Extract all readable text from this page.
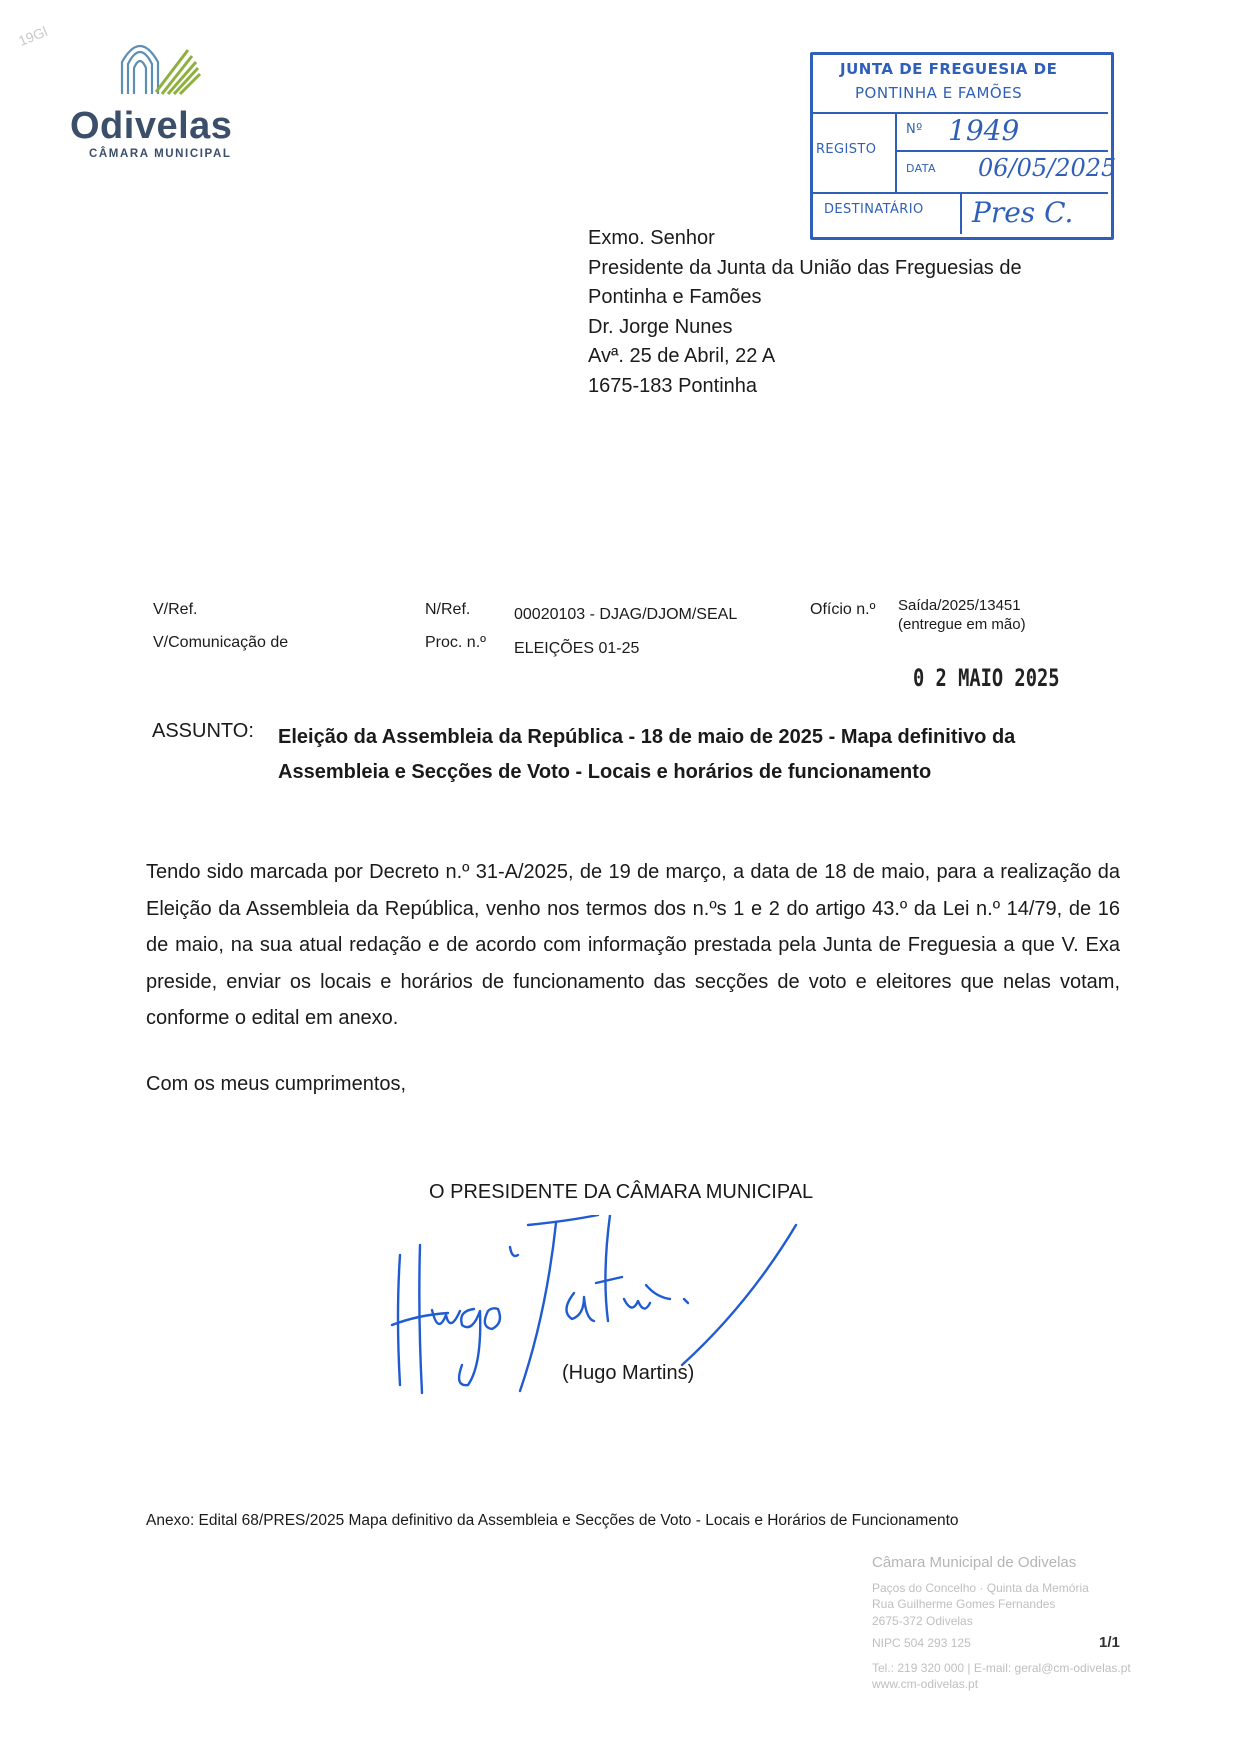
19Gl
Odivelas
CÂMARA MUNICIPAL
JUNTA DE FREGUESIA DE
PONTINHA E FAMÕES
REGISTO
Nº 1949
DATA 06/05/2025
DESTINATÁRIO Pres C.
Exmo. Senhor
Presidente da Junta da União das Freguesias de
Pontinha e Famões
Dr. Jorge Nunes
Avª. 25 de Abril, 22 A
1675-183 Pontinha
V/Ref.
V/Comunicação de
N/Ref.	00020103 - DJAG/DJOM/SEAL
Proc. n.º ELEIÇÕES 01-25
Ofício n.º Saída/2025/13451
(entregue em mão)
0 2 MAIO 2025
ASSUNTO: Eleição da Assembleia da República - 18 de maio de 2025 - Mapa definitivo da
Assembleia e Secções de Voto - Locais e horários de funcionamento
Tendo sido marcada por Decreto n.º 31-A/2025, de 19 de março, a data de 18 de maio, para a realização da Eleição da Assembleia da República, venho nos termos dos n.ºs 1 e 2 do artigo 43.º da Lei n.º 14/79, de 16 de maio, na sua atual redação e de acordo com informação prestada pela Junta de Freguesia a que V. Exa preside, enviar os locais e horários de funcionamento das secções de voto e eleitores que nelas votam, conforme o edital em anexo.
Com os meus cumprimentos,
O PRESIDENTE DA CÂMARA MUNICIPAL
(Hugo Martins)
Anexo: Edital 68/PRES/2025 Mapa definitivo da Assembleia e Secções de Voto - Locais e Horários de Funcionamento
Câmara Municipal de Odivelas
Paços do Concelho · Quinta da Memória
Rua Guilherme Gomes Fernandes
2675-372 Odivelas
NIPC 504 293 125
Tel.: 219 320 000 | E-mail: geral@cm-odivelas.pt
www.cm-odivelas.pt
1/1
